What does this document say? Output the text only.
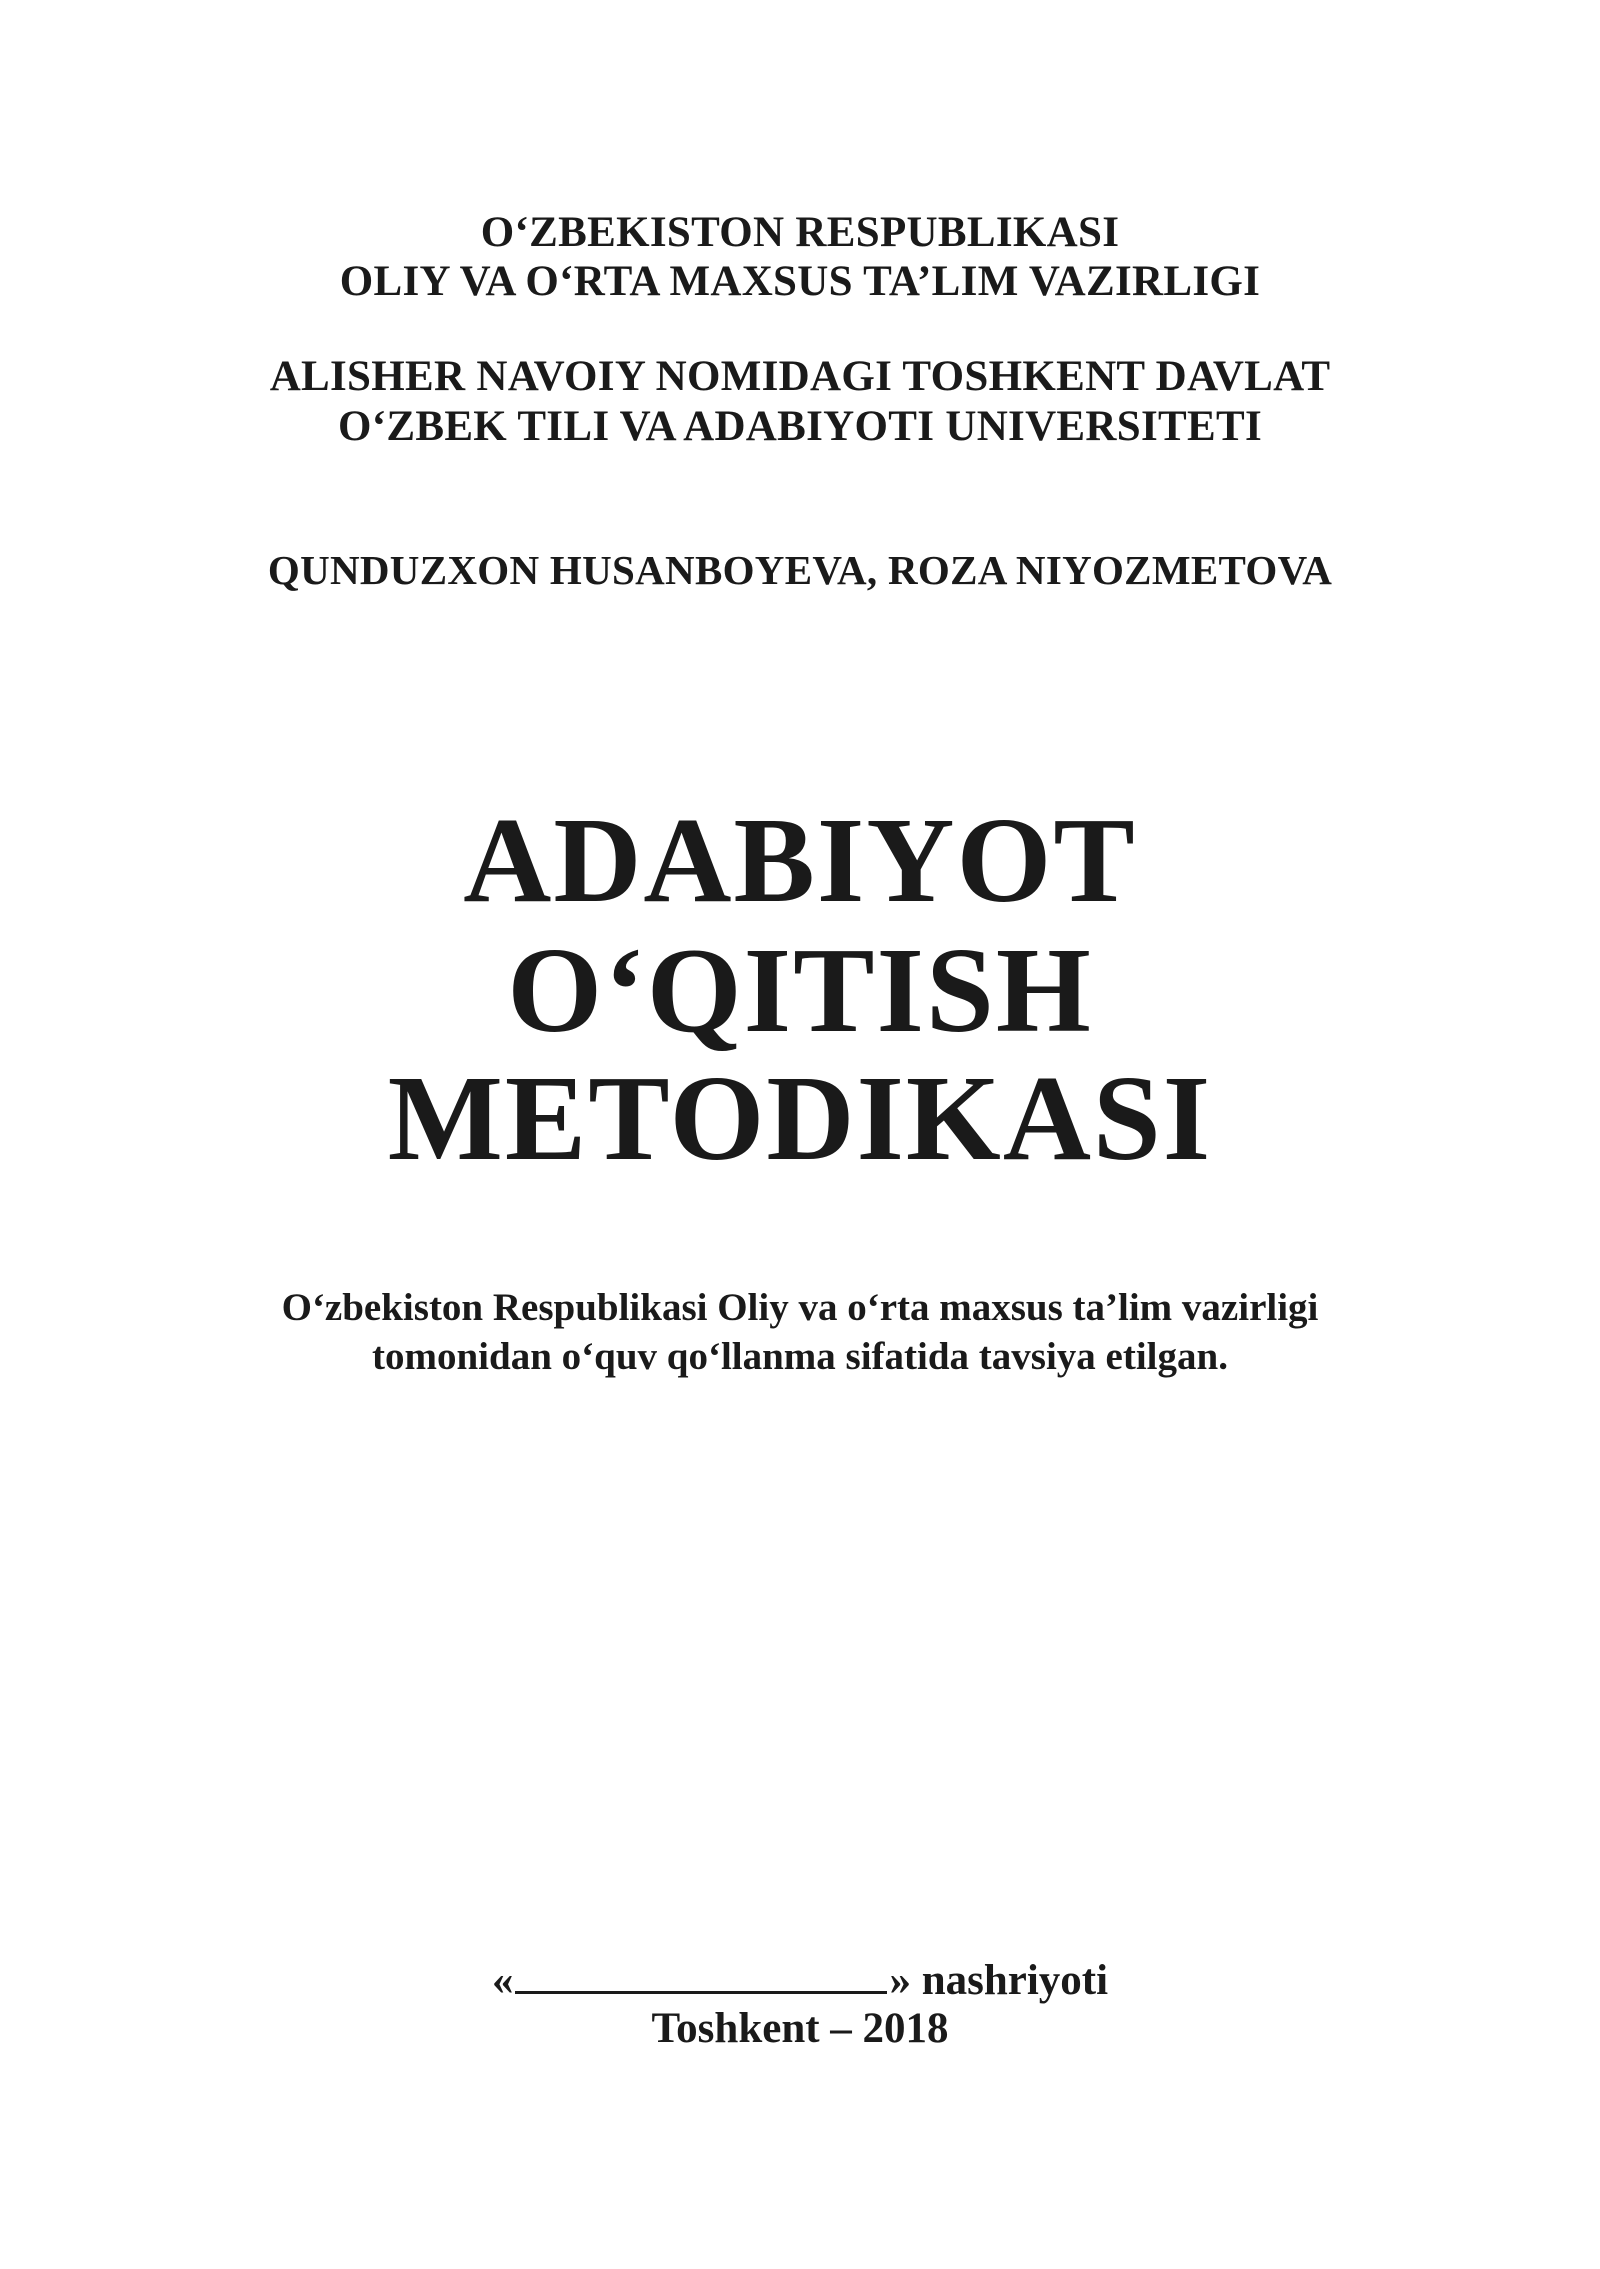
O‘ZBEKISTON RESPUBLIKASI
OLIY VA O‘RTA MAXSUS TA’LIM VAZIRLIGI
ALISHER NAVOIY NOMIDAGI TOSHKENT DAVLAT
O‘ZBEK TILI VA ADABIYOTI UNIVERSITETI
QUNDUZXON HUSANBOYEVA, ROZA NIYOZMETOVA
ADABIYOT
O‘QITISH
METODIKASI
O‘zbekiston Respublikasi Oliy va o‘rta maxsus ta’lim vazirligi
tomonidan o‘quv qo‘llanma sifatida tavsiya etilgan.
«	» nashriyoti
Toshkent – 2018
